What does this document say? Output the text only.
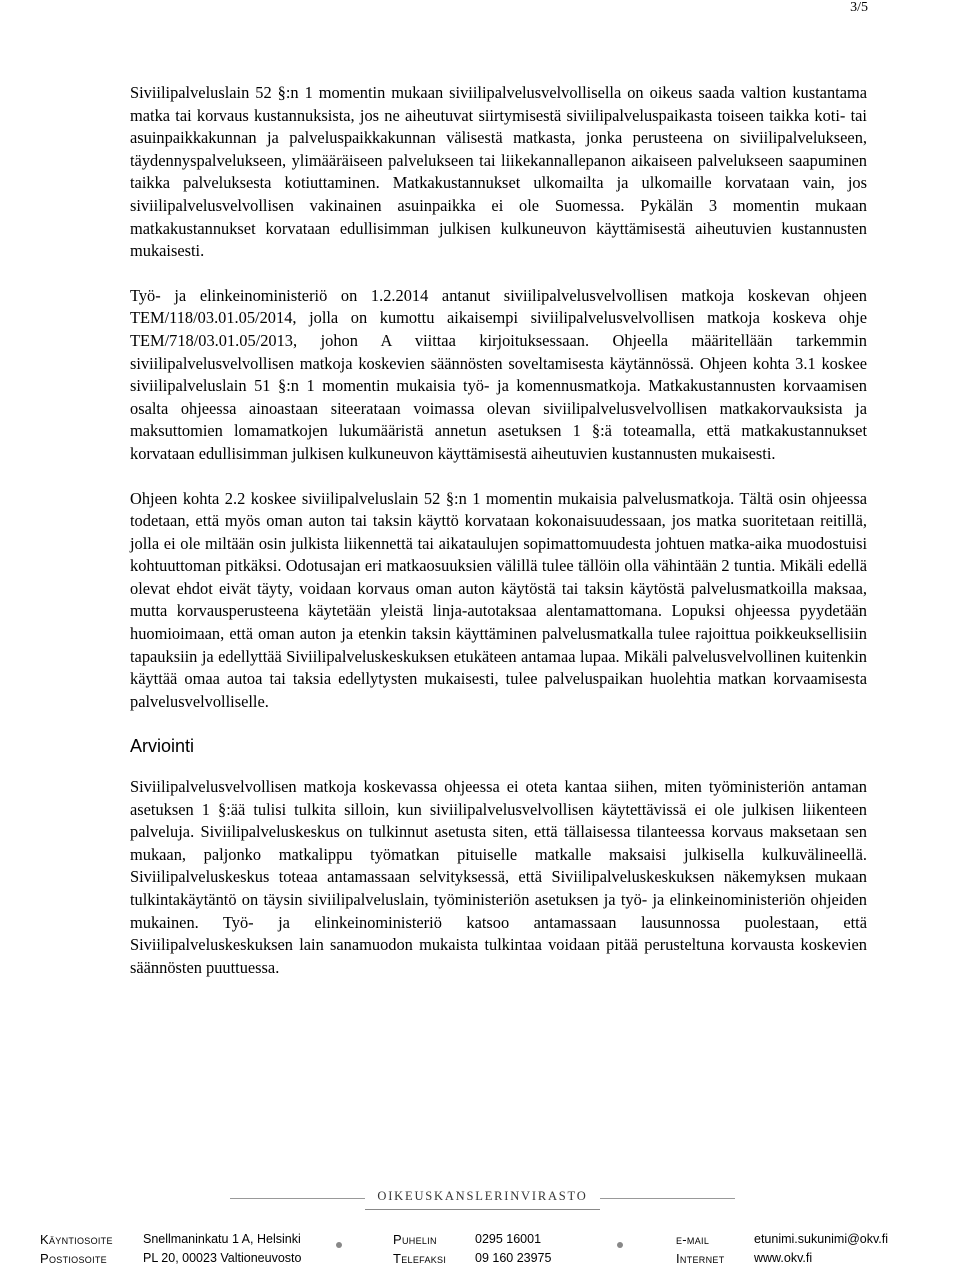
3/5

Siviilipalveluslain 52 §:n 1 momentin mukaan siviilipalvelusvelvollisella on oikeus saada valtion kustantama matka tai korvaus kustannuksista, jos ne aiheutuvat siirtymisestä siviilipalveluspaikasta toiseen taikka koti- tai asuinpaikkakunnan ja palveluspaikkakunnan välisestä matkasta, jonka perusteena on siviilipalvelukseen, täydennyspalvelukseen, ylimääräiseen palvelukseen tai liikekannallepanon aikaiseen palvelukseen saapuminen taikka palveluksesta kotiuttaminen. Matkakustannukset ulkomailta ja ulkomaille korvataan vain, jos siviilipalvelusvelvollisen vakinainen asuinpaikka ei ole Suomessa. Pykälän 3 momentin mukaan matkakustannukset korvataan edullisimman julkisen kulkuneuvon käyttämisestä aiheutuvien kustannusten mukaisesti.

Työ- ja elinkeinoministeriö on 1.2.2014 antanut siviilipalvelusvelvollisen matkoja koskevan ohjeen TEM/118/03.01.05/2014, jolla on kumottu aikaisempi siviilipalvelusvelvollisen matkoja koskeva ohje TEM/718/03.01.05/2013, johon A viittaa kirjoituksessaan. Ohjeella määritellään tarkemmin siviilipalvelusvelvollisen matkoja koskevien säännösten soveltamisesta käytännössä. Ohjeen kohta 3.1 koskee siviilipalveluslain 51 §:n 1 momentin mukaisia työ- ja komennusmatkoja. Matkakustannusten korvaamisen osalta ohjeessa ainoastaan siteerataan voimassa olevan siviilipalvelusvelvollisen matkakorvauksista ja maksuttomien lomamatkojen lukumääristä annetun asetuksen 1 §:ä toteamalla, että matkakustannukset korvataan edullisimman julkisen kulkuneuvon käyttämisestä aiheutuvien kustannusten mukaisesti.

Ohjeen kohta 2.2 koskee siviilipalveluslain 52 §:n 1 momentin mukaisia palvelusmatkoja. Tältä osin ohjeessa todetaan, että myös oman auton tai taksin käyttö korvataan kokonaisuudessaan, jos matka suoritetaan reitillä, jolla ei ole miltään osin julkista liikennettä tai aikataulujen sopimattomuudesta johtuen matka-aika muodostuisi kohtuuttoman pitkäksi. Odotusajan eri matkaosuuksien välillä tulee tällöin olla vähintään 2 tuntia. Mikäli edellä olevat ehdot eivät täyty, voidaan korvaus oman auton käytöstä tai taksin käytöstä palvelusmatkoilla maksaa, mutta korvausperusteena käytetään yleistä linja-autotaksaa alentamattomana. Lopuksi ohjeessa pyydetään huomioimaan, että oman auton ja etenkin taksin käyttäminen palvelusmatkalla tulee rajoittua poikkeuksellisiin tapauksiin ja edellyttää Siviilipalveluskeskuksen etukäteen antamaa lupaa. Mikäli palvelusvelvollinen kuitenkin käyttää omaa autoa tai taksia edellytysten mukaisesti, tulee palveluspaikan huolehtia matkan korvaamisesta palvelusvelvolliselle.

Arviointi

Siviilipalvelusvelvollisen matkoja koskevassa ohjeessa ei oteta kantaa siihen, miten työministeriön antaman asetuksen 1 §:ää tulisi tulkita silloin, kun siviilipalvelusvelvollisen käytettävissä ei ole julkisen liikenteen palveluja. Siviilipalveluskeskus on tulkinnut asetusta siten, että tällaisessa tilanteessa korvaus maksetaan sen mukaan, paljonko matkalippu työmatkan pituiselle matkalle maksaisi julkisella kulkuvälineellä. Siviilipalveluskeskus toteaa antamassaan selvityksessä, että Siviilipalveluskeskuksen näkemyksen mukaan tulkintakäytäntö on täysin siviilipalveluslain, työministeriön asetuksen ja työ- ja elinkeinoministeriön ohjeiden mukainen. Työ- ja elinkeinoministeriö katsoo antamassaan lausunnossa puolestaan, että Siviilipalveluskeskuksen lain sanamuodon mukaista tulkintaa voidaan pitää perusteltuna korvausta koskevien säännösten puuttuessa.

OIKEUSKANSLERINVIRASTO
Käyntiosoite Snellmaninkatu 1 A, Helsinki	Puhelin	0295 16001	e-mail	etunimi.sukunimi@okv.fi
Postiosoite	PL 20, 00023 Valtioneuvosto	Telefaksi 09 160 23975	Internet www.okv.fi
